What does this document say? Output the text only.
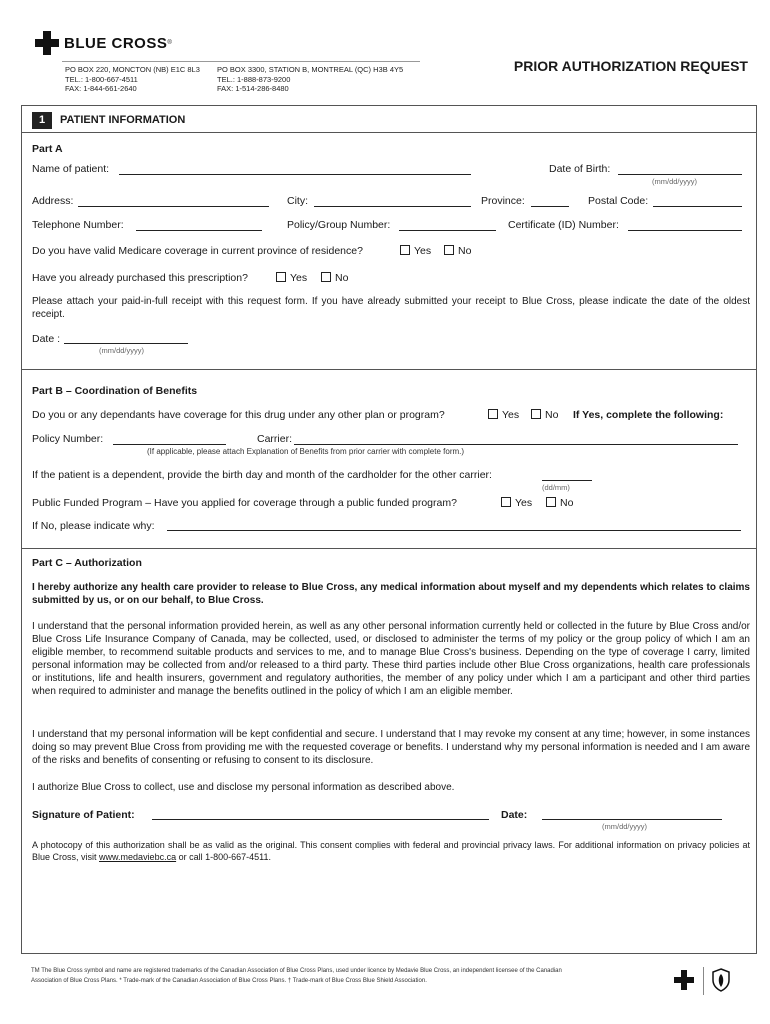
BLUE CROSS ®
PO BOX 220, MONCTON (NB) E1C 8L3
TEL.: 1-800-667-4511
FAX: 1-844-661-2640
PO BOX 3300, STATION B, MONTREAL (QC) H3B 4Y5
TEL.: 1-888-873-9200
FAX: 1-514-286-8480
PRIOR AUTHORIZATION REQUEST
1	PATIENT INFORMATION
Part A
Name of patient:	Date of Birth:
(mm/dd/yyyy)
Address:	City:	Province:	Postal Code:
Telephone Number:	Policy/Group Number:	Certificate (ID) Number:
Do you have valid Medicare coverage in current province of residence?	Yes	No
Have you already purchased this prescription?	Yes	No
Please attach your paid-in-full receipt with this request form. If you have already submitted your receipt to Blue Cross, please indicate the date of the oldest receipt.
Date :
(mm/dd/yyyy)
Part B – Coordination of Benefits
Do you or any dependants have coverage for this drug under any other plan or program?	Yes	No If Yes, complete the following:
Policy Number:	Carrier:
(If applicable, please attach Explanation of Benefits from prior carrier with complete form.)
If the patient is a dependent, provide the birth day and month of the cardholder for the other carrier:
(dd/mm)
Public Funded Program – Have you applied for coverage through a public funded program?	Yes	No
If No, please indicate why:
Part C – Authorization
I hereby authorize any health care provider to release to Blue Cross, any medical information about myself and my dependents which relates to claims submitted by us, or on our behalf, to Blue Cross.
I understand that the personal information provided herein, as well as any other personal information currently held or collected in the future by Blue Cross and/or Blue Cross Life Insurance Company of Canada, may be collected, used, or disclosed to administer the terms of my policy or the group policy of which I am an eligible member, to recommend suitable products and services to me, and to manage Blue Cross's business. Depending on the type of coverage I carry, limited personal information may be collected from and/or released to a third party. These third parties include other Blue Cross organizations, health care professionals or institutions, life and health insurers, government and regulatory authorities, the member of any policy under which I am a participant and other third parties when required to administer and manage the benefits outlined in the policy of which I am an eligible member.
I understand that my personal information will be kept confidential and secure. I understand that I may revoke my consent at any time; however, in some instances doing so may prevent Blue Cross from providing me with the requested coverage or benefits. I understand why my personal information is needed and I am aware of the risks and benefits of consenting or refusing to consent to its disclosure.
I authorize Blue Cross to collect, use and disclose my personal information as described above.
Signature of Patient:	Date:
(mm/dd/yyyy)
A photocopy of this authorization shall be as valid as the original. This consent complies with federal and provincial privacy laws. For additional information on privacy policies at Blue Cross, visit www.medaviebc.ca or call 1-800-667-4511.
TM The Blue Cross symbol and name are registered trademarks of the Canadian Association of Blue Cross Plans, used under licence by Medavie Blue Cross, an independent licensee of the Canadian
Association of Blue Cross Plans. * Trade-mark of the Canadian Association of Blue Cross Plans. † Trade-mark of Blue Cross Blue Shield Association.
